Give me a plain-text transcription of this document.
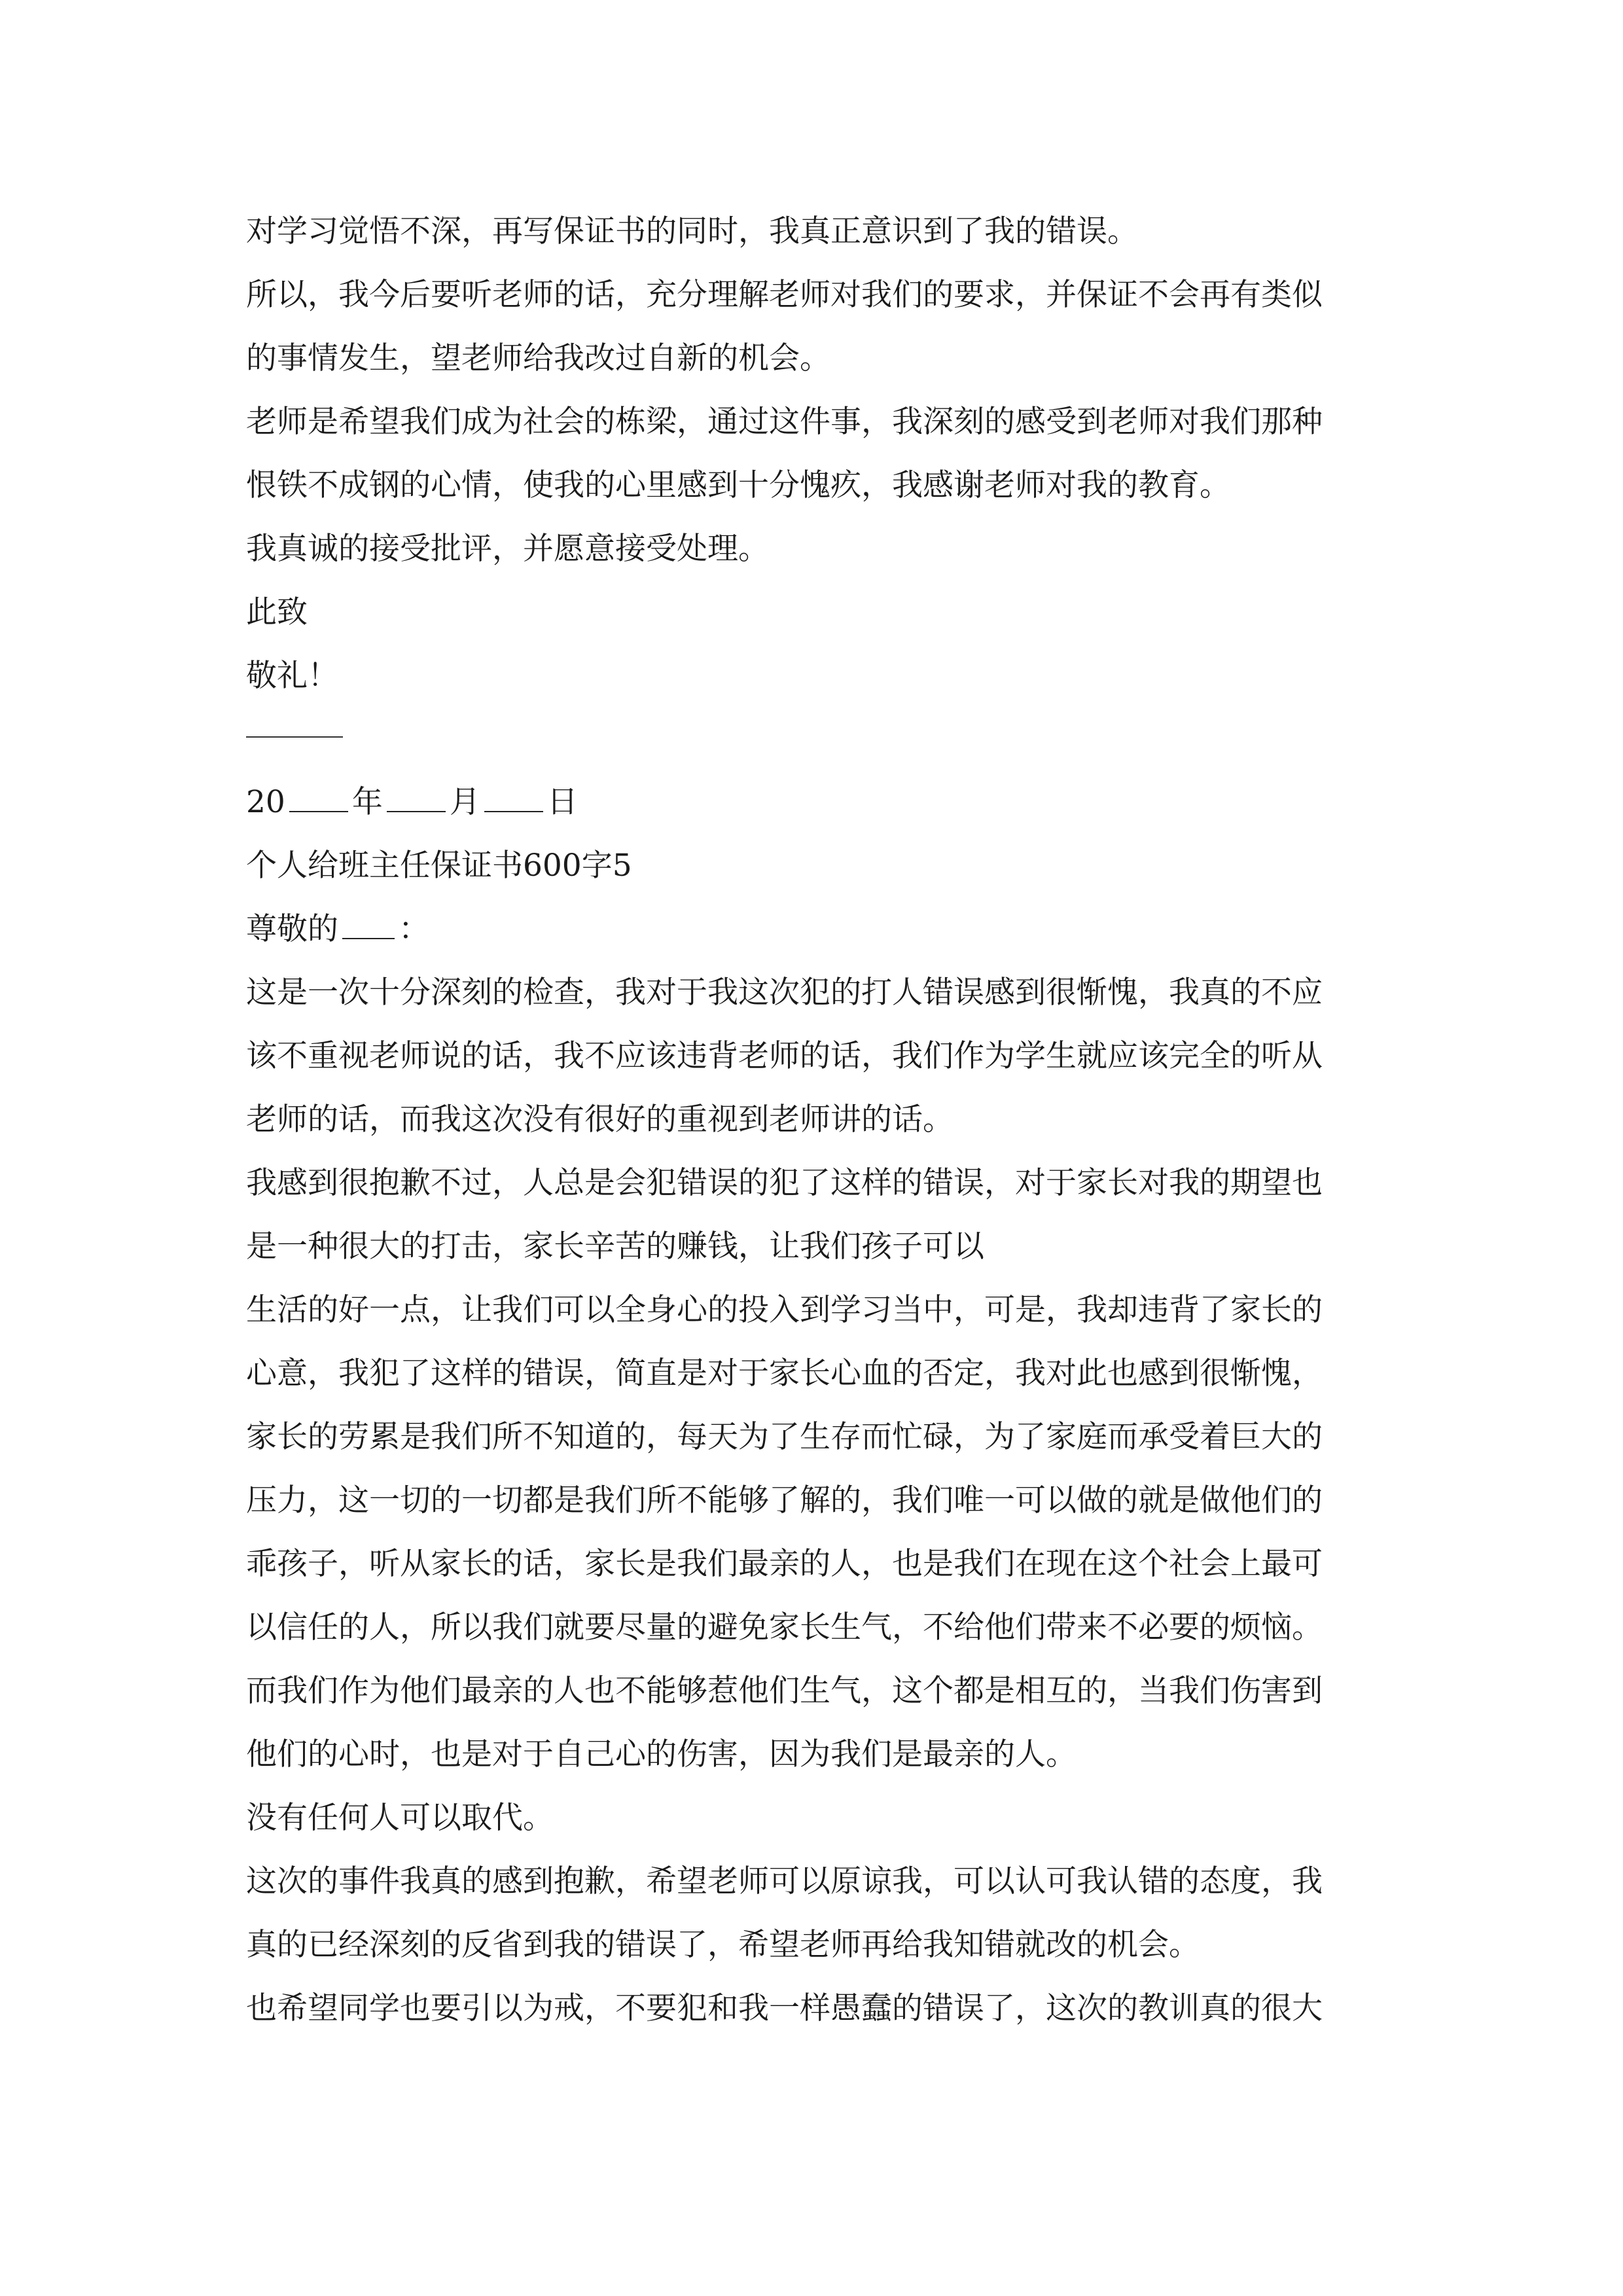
对学习觉悟不深，再写保证书的同时，我真正意识到了我的错误。
所以，我今后要听老师的话，充分理解老师对我们的要求，并保证不会再有类似
的事情发生，望老师给我改过自新的机会。
老师是希望我们成为社会的栋梁，通过这件事，我深刻的感受到老师对我们那种
恨铁不成钢的心情，使我的心里感到十分愧疚，我感谢老师对我的教育。
我真诚的接受批评，并愿意接受处理。
此致
敬礼！
20 年 月 日
个人给班主任保证书600字5
尊敬的 ：
这是一次十分深刻的检查，我对于我这次犯的打人错误感到很惭愧，我真的不应
该不重视老师说的话，我不应该违背老师的话，我们作为学生就应该完全的听从
老师的话，而我这次没有很好的重视到老师讲的话。
我感到很抱歉不过，人总是会犯错误的犯了这样的错误，对于家长对我的期望也
是一种很大的打击，家长辛苦的赚钱，让我们孩子可以
生活的好一点，让我们可以全身心的投入到学习当中，可是，我却违背了家长的
心意，我犯了这样的错误，简直是对于家长心血的否定，我对此也感到很惭愧，
家长的劳累是我们所不知道的，每天为了生存而忙碌，为了家庭而承受着巨大的
压力，这一切的一切都是我们所不能够了解的，我们唯一可以做的就是做他们的
乖孩子，听从家长的话，家长是我们最亲的人，也是我们在现在这个社会上最可
以信任的人，所以我们就要尽量的避免家长生气，不给他们带来不必要的烦恼。
而我们作为他们最亲的人也不能够惹他们生气，这个都是相互的，当我们伤害到
他们的心时，也是对于自己心的伤害，因为我们是最亲的人。
没有任何人可以取代。
这次的事件我真的感到抱歉，希望老师可以原谅我，可以认可我认错的态度，我
真的已经深刻的反省到我的错误了，希望老师再给我知错就改的机会。
也希望同学也要引以为戒，不要犯和我一样愚蠢的错误了，这次的教训真的很大
